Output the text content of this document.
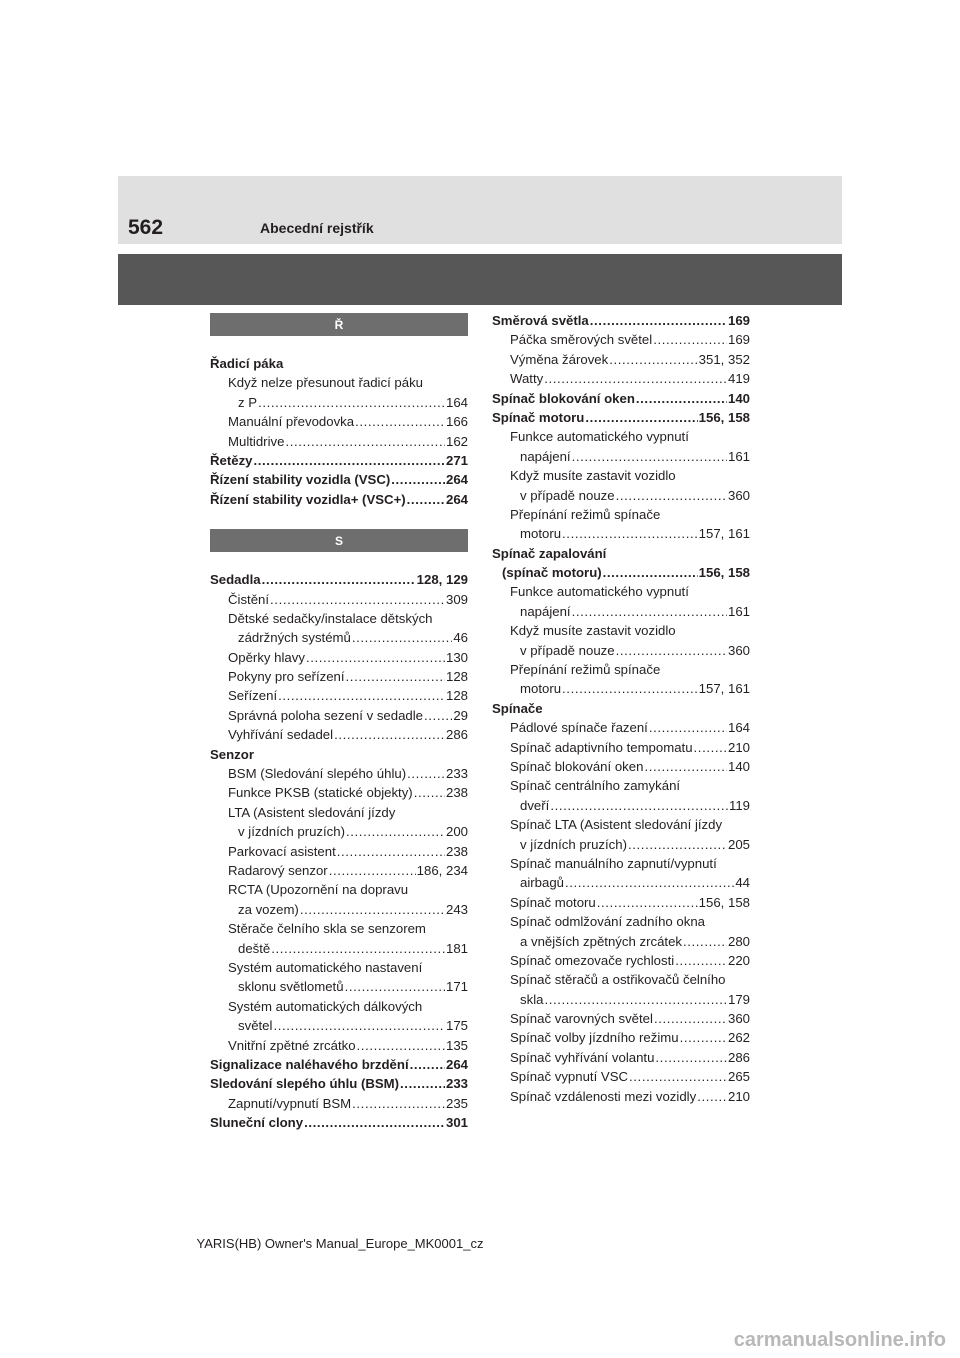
562	Abecední rejstřík
Ř
Řadicí páka
Když nelze přesunout řadicí páku
z P .....	164
Manuální převodovka .....	166
Multidrive .....	162
Řetězy .....	271
Řízení stability vozidla (VSC) .....	264
Řízení stability vozidla+ (VSC+) .....	264
S
Sedadla .....	128, 129
Čistění .....	309
Dětské sedačky/instalace dětských
zádržných systémů .....	46
Opěrky hlavy .....	130
Pokyny pro seřízení .....	128
Seřízení .....	128
Správná poloha sezení v sedadle ..... 29
Vyhřívání sedadel .....	286
Senzor
BSM (Sledování slepého úhlu) .....	233
Funkce PKSB (statické objekty) .....	238
LTA (Asistent sledování jízdy
v jízdních pruzích) .....	200
Parkovací asistent .....	238
Radarový senzor .....	186, 234
RCTA (Upozornění na dopravu
za vozem) .....	243
Stěrače čelního skla se senzorem
deště .....	181
Systém automatického nastavení
sklonu světlometů .....	171
Systém automatických dálkových
světel .....	175
Vnitřní zpětné zrcátko .....	135
Signalizace naléhavého brzdění .....	264
Sledování slepého úhlu (BSM) .....	233
Zapnutí/vypnutí BSM .....	235
Sluneční clony .....	301
Směrová světla .....	169
Páčka směrových světel .....	169
Výměna žárovek .....	351, 352
Watty .....	419
Spínač blokování oken .....	140
Spínač motoru .....	156, 158
Funkce automatického vypnutí
napájení .....	161
Když musíte zastavit vozidlo
v případě nouze .....	360
Přepínání režimů spínače
motoru .....	157, 161
Spínač zapalování
(spínač motoru) .....	156, 158
Funkce automatického vypnutí
napájení .....	161
Když musíte zastavit vozidlo
v případě nouze .....	360
Přepínání režimů spínače
motoru .....	157, 161
Spínače
Pádlové spínače řazení .....	164
Spínač adaptivního tempomatu .....	210
Spínač blokování oken .....	140
Spínač centrálního zamykání
dveří .....	119
Spínač LTA (Asistent sledování jízdy
v jízdních pruzích) .....	205
Spínač manuálního zapnutí/vypnutí
airbagů .....	44
Spínač motoru .....	156, 158
Spínač odmlžování zadního okna
a vnějších zpětných zrcátek .....	280
Spínač omezovače rychlosti .....	220
Spínač stěračů a ostřikovačů čelního
skla .....	179
Spínač varovných světel .....	360
Spínač volby jízdního režimu .....	262
Spínač vyhřívání volantu .....	286
Spínač vypnutí VSC .....	265
Spínač vzdálenosti mezi vozidly ..... 210
YARIS(HB) Owner's Manual_Europe_MK0001_cz
carmanualsonline.info
